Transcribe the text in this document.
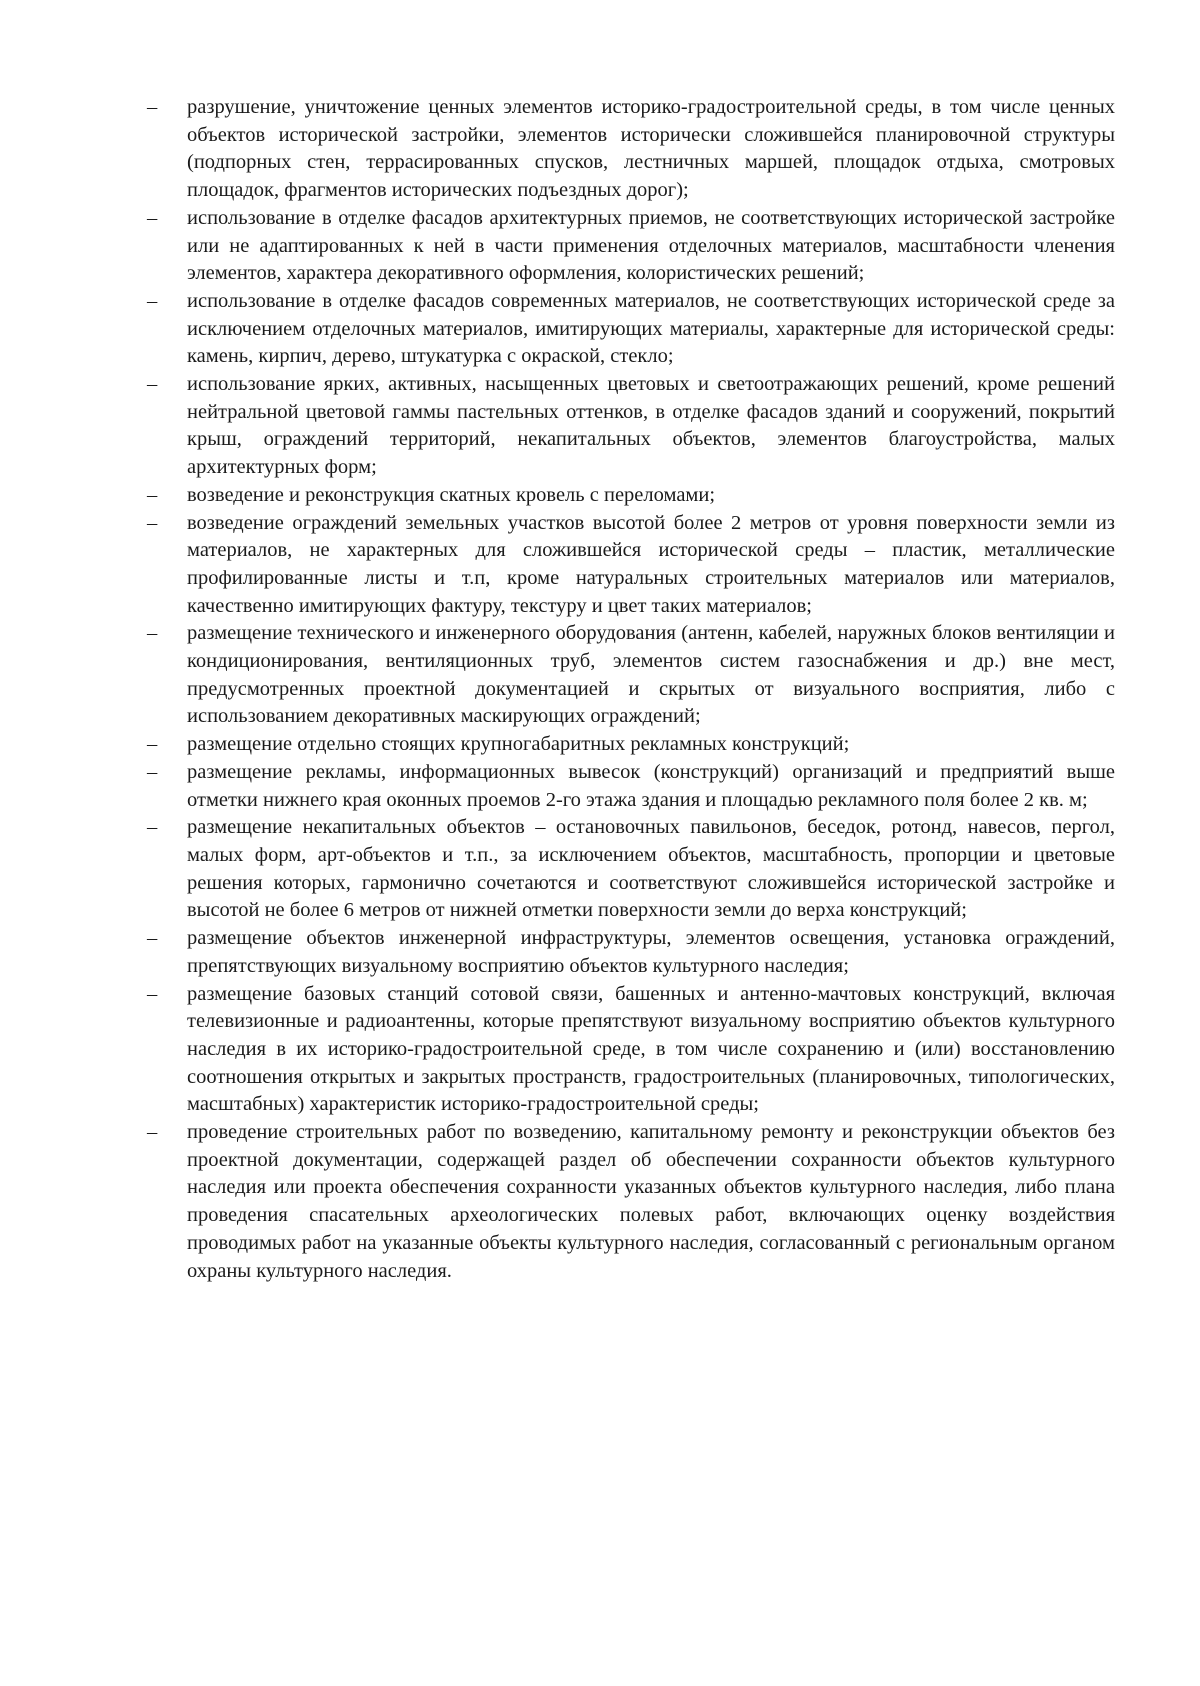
–	разрушение, уничтожение ценных элементов историко-градостроительной среды, в том числе ценных объектов исторической застройки, элементов исторически сложившейся планировочной структуры (подпорных стен, террасированных спусков, лестничных маршей, площадок отдыха, смотровых площадок, фрагментов исторических подъездных дорог);
–	использование в отделке фасадов архитектурных приемов, не соответствующих исторической застройке или не адаптированных к ней в части применения отделочных материалов, масштабности членения элементов, характера декоративного оформления, колористических решений;
–	использование в отделке фасадов современных материалов, не соответствующих исторической среде за исключением отделочных материалов, имитирующих материалы, характерные для исторической среды: камень, кирпич, дерево, штукатурка с окраской, стекло;
–	использование ярких, активных, насыщенных цветовых и светоотражающих решений, кроме решений нейтральной цветовой гаммы пастельных оттенков, в отделке фасадов зданий и сооружений, покрытий крыш, ограждений территорий, некапитальных объектов, элементов благоустройства, малых архитектурных форм;
–	возведение и реконструкция скатных кровель с переломами;
–	возведение ограждений земельных участков высотой более 2 метров от уровня поверхности земли из материалов, не характерных для сложившейся исторической среды – пластик, металлические профилированные листы и т.п, кроме натуральных строительных материалов или материалов, качественно имитирующих фактуру, текстуру и цвет таких материалов;
–	размещение технического и инженерного оборудования (антенн, кабелей, наружных блоков вентиляции и кондиционирования, вентиляционных труб, элементов систем газоснабжения и др.) вне мест, предусмотренных проектной документацией и скрытых от визуального восприятия, либо с использованием декоративных маскирующих ограждений;
–	размещение отдельно стоящих крупногабаритных рекламных конструкций;
–	размещение рекламы, информационных вывесок (конструкций) организаций и предприятий выше отметки нижнего края оконных проемов 2-го этажа здания и площадью рекламного поля более 2 кв. м;
–	размещение некапитальных объектов – остановочных павильонов, беседок, ротонд, навесов, пергол, малых форм, арт-объектов и т.п., за исключением объектов, масштабность, пропорции и цветовые решения которых, гармонично сочетаются и соответствуют сложившейся исторической застройке и высотой не более 6 метров от нижней отметки поверхности земли до верха конструкций;
–	размещение объектов инженерной инфраструктуры, элементов освещения, установка ограждений, препятствующих визуальному восприятию объектов культурного наследия;
–	размещение базовых станций сотовой связи, башенных и антенно-мачтовых конструкций, включая телевизионные и радиоантенны, которые препятствуют визуальному восприятию объектов культурного наследия в их историко-градостроительной среде, в том числе сохранению и (или) восстановлению соотношения открытых и закрытых пространств, градостроительных (планировочных, типологических, масштабных) характеристик историко-градостроительной среды;
–	проведение строительных работ по возведению, капитальному ремонту и реконструкции объектов без проектной документации, содержащей раздел об обеспечении сохранности объектов культурного наследия или проекта обеспечения сохранности указанных объектов культурного наследия, либо плана проведения спасательных археологических полевых работ, включающих оценку воздействия проводимых работ на указанные объекты культурного наследия, согласованный с региональным органом охраны культурного наследия.
